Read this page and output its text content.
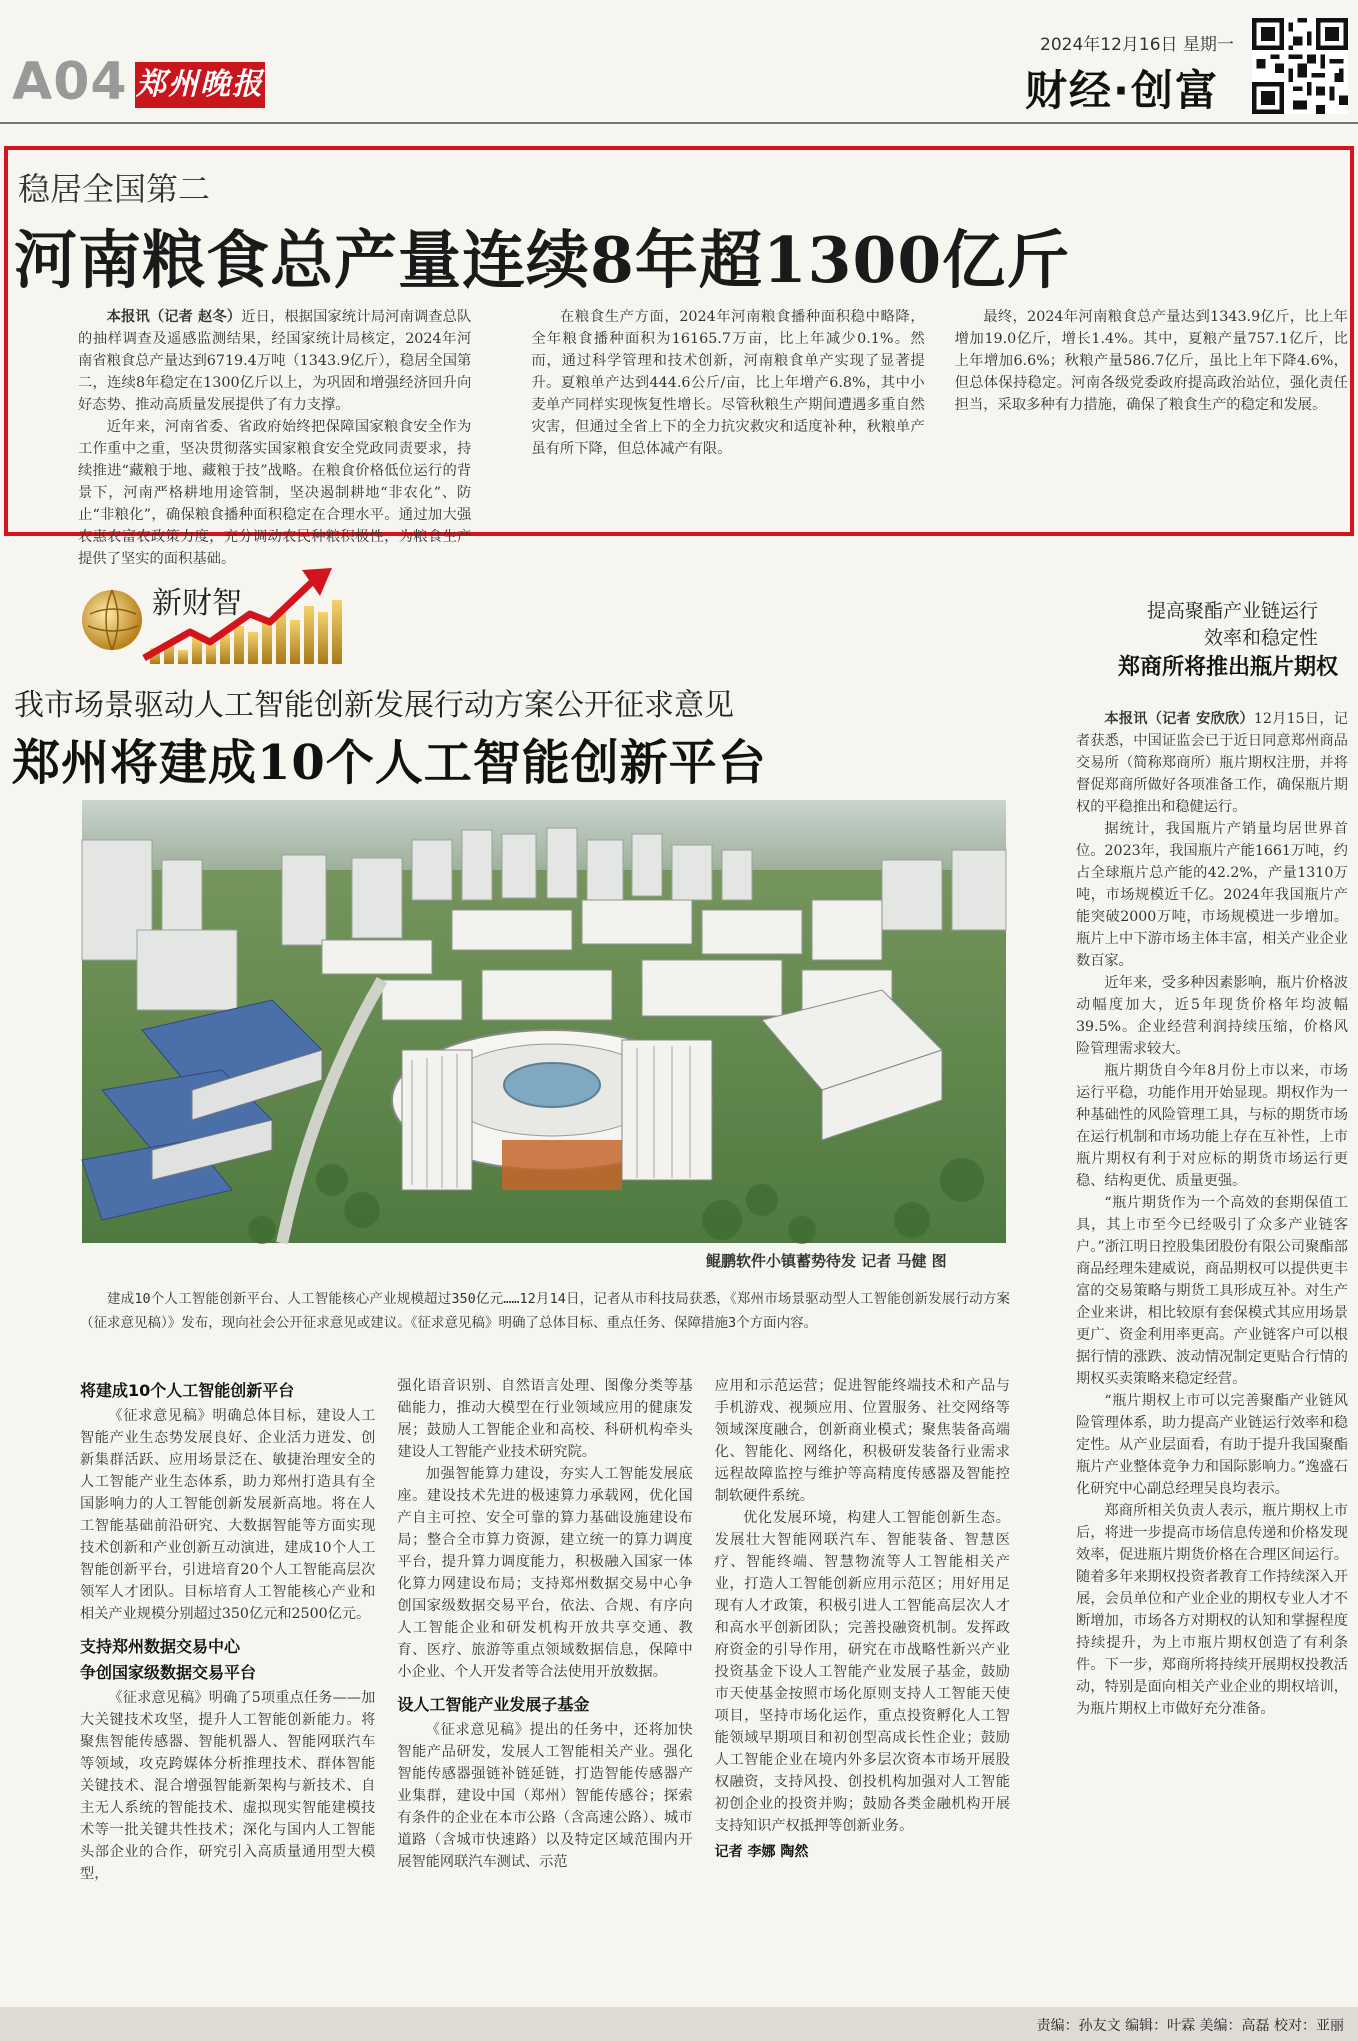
A04 郑州晚报
2024年12月16日 星期一
财经·创富
稳居全国第二
河南粮食总产量连续8年超1300亿斤

本报讯（记者 赵冬）近日，根据国家统计局河南调查总队的抽样调查及遥感监测结果，经国家统计局核定，2024年河南省粮食总产量达到6719.4万吨（1343.9亿斤），稳居全国第二，连续8年稳定在1300亿斤以上，为巩固和增强经济回升向好态势、推动高质量发展提供了有力支撑。

近年来，河南省委、省政府始终把保障国家粮食安全作为工作重中之重，坚决贯彻落实国家粮食安全党政同责要求，持续推进“藏粮于地、藏粮于技”战略。在粮食价格低位运行的背景下，河南严格耕地用途管制，坚决遏制耕地“非农化”、防止“非粮化”，确保粮食播种面积稳定在合理水平。通过加大强农惠农富农政策力度，充分调动农民种粮积极性，为粮食生产提供了坚实的面积基础。

在粮食生产方面，2024年河南粮食播种面积稳中略降，全年粮食播种面积为16165.7万亩，比上年减少0.1%。然而，通过科学管理和技术创新，河南粮食单产实现了显著提升。夏粮单产达到444.6公斤/亩，比上年增产6.8%，其中小麦单产同样实现恢复性增长。尽管秋粮生产期间遭遇多重自然灾害，但通过全省上下的全力抗灾救灾和适度补种，秋粮单产虽有所下降，但总体减产有限。

最终，2024年河南粮食总产量达到1343.9亿斤，比上年增加19.0亿斤，增长1.4%。其中，夏粮产量757.1亿斤，比上年增加6.6%；秋粮产量586.7亿斤，虽比上年下降4.6%，但总体保持稳定。河南各级党委政府提高政治站位，强化责任担当，采取多种有力措施，确保了粮食生产的稳定和发展。

新财智
我市场景驱动人工智能创新发展行动方案公开征求意见
郑州将建成10个人工智能创新平台
鲲鹏软件小镇蓄势待发 记者 马健 图

建成10个人工智能创新平台、人工智能核心产业规模超过350亿元……12月14日，记者从市科技局获悉，《郑州市场景驱动型人工智能创新发展行动方案（征求意见稿）》发布，现向社会公开征求意见或建议。《征求意见稿》明确了总体目标、重点任务、保障措施3个方面内容。

将建成10个人工智能创新平台

《征求意见稿》明确总体目标，建设人工智能产业生态势发展良好、企业活力迸发、创新集群活跃、应用场景泛在、敏捷治理安全的人工智能产业生态体系，助力郑州打造具有全国影响力的人工智能创新发展新高地。将在人工智能基础前沿研究、大数据智能等方面实现技术创新和产业创新互动演进，建成10个人工智能创新平台，引进培育20个人工智能高层次领军人才团队。目标培育人工智能核心产业和相关产业规模分别超过350亿元和2500亿元。

支持郑州数据交易中心
争创国家级数据交易平台

《征求意见稿》明确了5项重点任务——加大关键技术攻坚，提升人工智能创新能力。将聚焦智能传感器、智能机器人、智能网联汽车等领域，攻克跨媒体分析推理技术、群体智能关键技术、混合增强智能新架构与新技术、自主无人系统的智能技术、虚拟现实智能建模技术等一批关键共性技术；深化与国内人工智能头部企业的合作，研究引入高质量通用型大模型，

强化语音识别、自然语言处理、图像分类等基础能力，推动大模型在行业领域应用的健康发展；鼓励人工智能企业和高校、科研机构牵头建设人工智能产业技术研究院。

加强智能算力建设，夯实人工智能发展底座。建设技术先进的极速算力承载网，优化国产自主可控、安全可靠的算力基础设施建设布局；整合全市算力资源，建立统一的算力调度平台，提升算力调度能力，积极融入国家一体化算力网建设布局；支持郑州数据交易中心争创国家级数据交易平台，依法、合规、有序向人工智能企业和研发机构开放共享交通、教育、医疗、旅游等重点领域数据信息，保障中小企业、个人开发者等合法使用开放数据。

设人工智能产业发展子基金

《征求意见稿》提出的任务中，还将加快智能产品研发，发展人工智能相关产业。强化智能传感器强链补链延链，打造智能传感器产业集群，建设中国（郑州）智能传感谷；探索有条件的企业在本市公路（含高速公路）、城市道路（含城市快速路）以及特定区域范围内开展智能网联汽车测试、示范

应用和示范运营；促进智能终端技术和产品与手机游戏、视频应用、位置服务、社交网络等领域深度融合，创新商业模式；聚焦装备高端化、智能化、网络化，积极研发装备行业需求远程故障监控与维护等高精度传感器及智能控制软硬件系统。

优化发展环境，构建人工智能创新生态。发展壮大智能网联汽车、智能装备、智慧医疗、智能终端、智慧物流等人工智能相关产业，打造人工智能创新应用示范区；用好用足现有人才政策，积极引进人工智能高层次人才和高水平创新团队；完善投融资机制。发挥政府资金的引导作用，研究在市战略性新兴产业投资基金下设人工智能产业发展子基金，鼓励市天使基金按照市场化原则支持人工智能天使项目，坚持市场化运作，重点投资孵化人工智能领域早期项目和初创型高成长性企业；鼓励人工智能企业在境内外多层次资本市场开展股权融资，支持风投、创投机构加强对人工智能初创企业的投资并购；鼓励各类金融机构开展支持知识产权抵押等创新业务。

记者 李娜 陶然
提高聚酯产业链运行
效率和稳定性
郑商所将推出瓶片期权

本报讯（记者 安欣欣）12月15日，记者获悉，中国证监会已于近日同意郑州商品交易所（简称郑商所）瓶片期权注册，并将督促郑商所做好各项准备工作，确保瓶片期权的平稳推出和稳健运行。

据统计，我国瓶片产销量均居世界首位。2023年，我国瓶片产能1661万吨，约占全球瓶片总产能的42.2%，产量1310万吨，市场规模近千亿。2024年我国瓶片产能突破2000万吨，市场规模进一步增加。瓶片上中下游市场主体丰富，相关产业企业数百家。

近年来，受多种因素影响，瓶片价格波动幅度加大，近5年现货价格年均波幅39.5%。企业经营利润持续压缩，价格风险管理需求较大。

瓶片期货自今年8月份上市以来，市场运行平稳，功能作用开始显现。期权作为一种基础性的风险管理工具，与标的期货市场在运行机制和市场功能上存在互补性，上市瓶片期权有利于对应标的期货市场运行更稳、结构更优、质量更强。

“瓶片期货作为一个高效的套期保值工具，其上市至今已经吸引了众多产业链客户。”浙江明日控股集团股份有限公司聚酯部商品经理朱建威说，商品期权可以提供更丰富的交易策略与期货工具形成互补。对生产企业来讲，相比较原有套保模式其应用场景更广、资金利用率更高。产业链客户可以根据行情的涨跌、波动情况制定更贴合行情的期权买卖策略来稳定经营。

“瓶片期权上市可以完善聚酯产业链风险管理体系，助力提高产业链运行效率和稳定性。从产业层面看，有助于提升我国聚酯瓶片产业整体竞争力和国际影响力。”逸盛石化研究中心副总经理吴良均表示。

郑商所相关负责人表示，瓶片期权上市后，将进一步提高市场信息传递和价格发现效率，促进瓶片期货价格在合理区间运行。随着多年来期权投资者教育工作持续深入开展，会员单位和产业企业的期权专业人才不断增加，市场各方对期权的认知和掌握程度持续提升，为上市瓶片期权创造了有利条件。下一步，郑商所将持续开展期权投教活动，特别是面向相关产业企业的期权培训，为瓶片期权上市做好充分准备。

责编：孙友文 编辑：叶霖 美编：高磊 校对：亚丽
